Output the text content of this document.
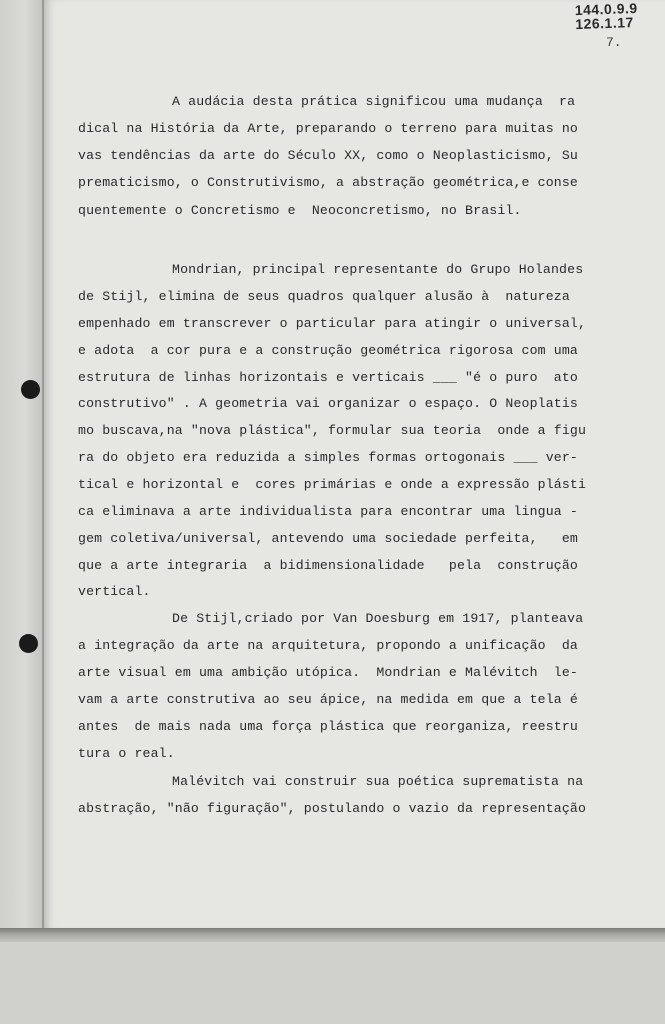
144.0.9.9
126.1.17
7.
A audácia desta prática significou uma mudança  ra
dical na História da Arte, preparando o terreno para muitas no
vas tendências da arte do Século XX, como o Neoplasticismo, Su
prematicismo, o Construtivismo, a abstração geométrica,e conse
quentemente o Concretismo e  Neoconcretismo, no Brasil.
Mondrian, principal representante do Grupo Holandes
de Stijl, elimina de seus quadros qualquer alusão à  natureza
empenhado em transcrever o particular para atingir o universal,
e adota  a cor pura e a construção geométrica rigorosa com uma
estrutura de linhas horizontais e verticais ___ "é o puro  ato
construtivo" . A geometria vai organizar o espaço. O Neoplatis
mo buscava,na "nova plástica", formular sua teoria  onde a figu
ra do objeto era reduzida a simples formas ortogonais ___ ver-
tical e horizontal e  cores primárias e onde a expressão plásti
ca eliminava a arte individualista para encontrar uma lingua -
gem coletiva/universal, antevendo uma sociedade perfeita,   em
que a arte integraria  a bidimensionalidade   pela  construção
vertical.
De Stijl,criado por Van Doesburg em 1917, planteava
a integração da arte na arquitetura, propondo a unificação  da
arte visual em uma ambição utópica.  Mondrian e Malévitch  le-
vam a arte construtiva ao seu ápice, na medida em que a tela é
antes  de mais nada uma força plástica que reorganiza, reestru
tura o real.
Malévitch vai construir sua poética suprematista na
abstração, "não figuração", postulando o vazio da representação
